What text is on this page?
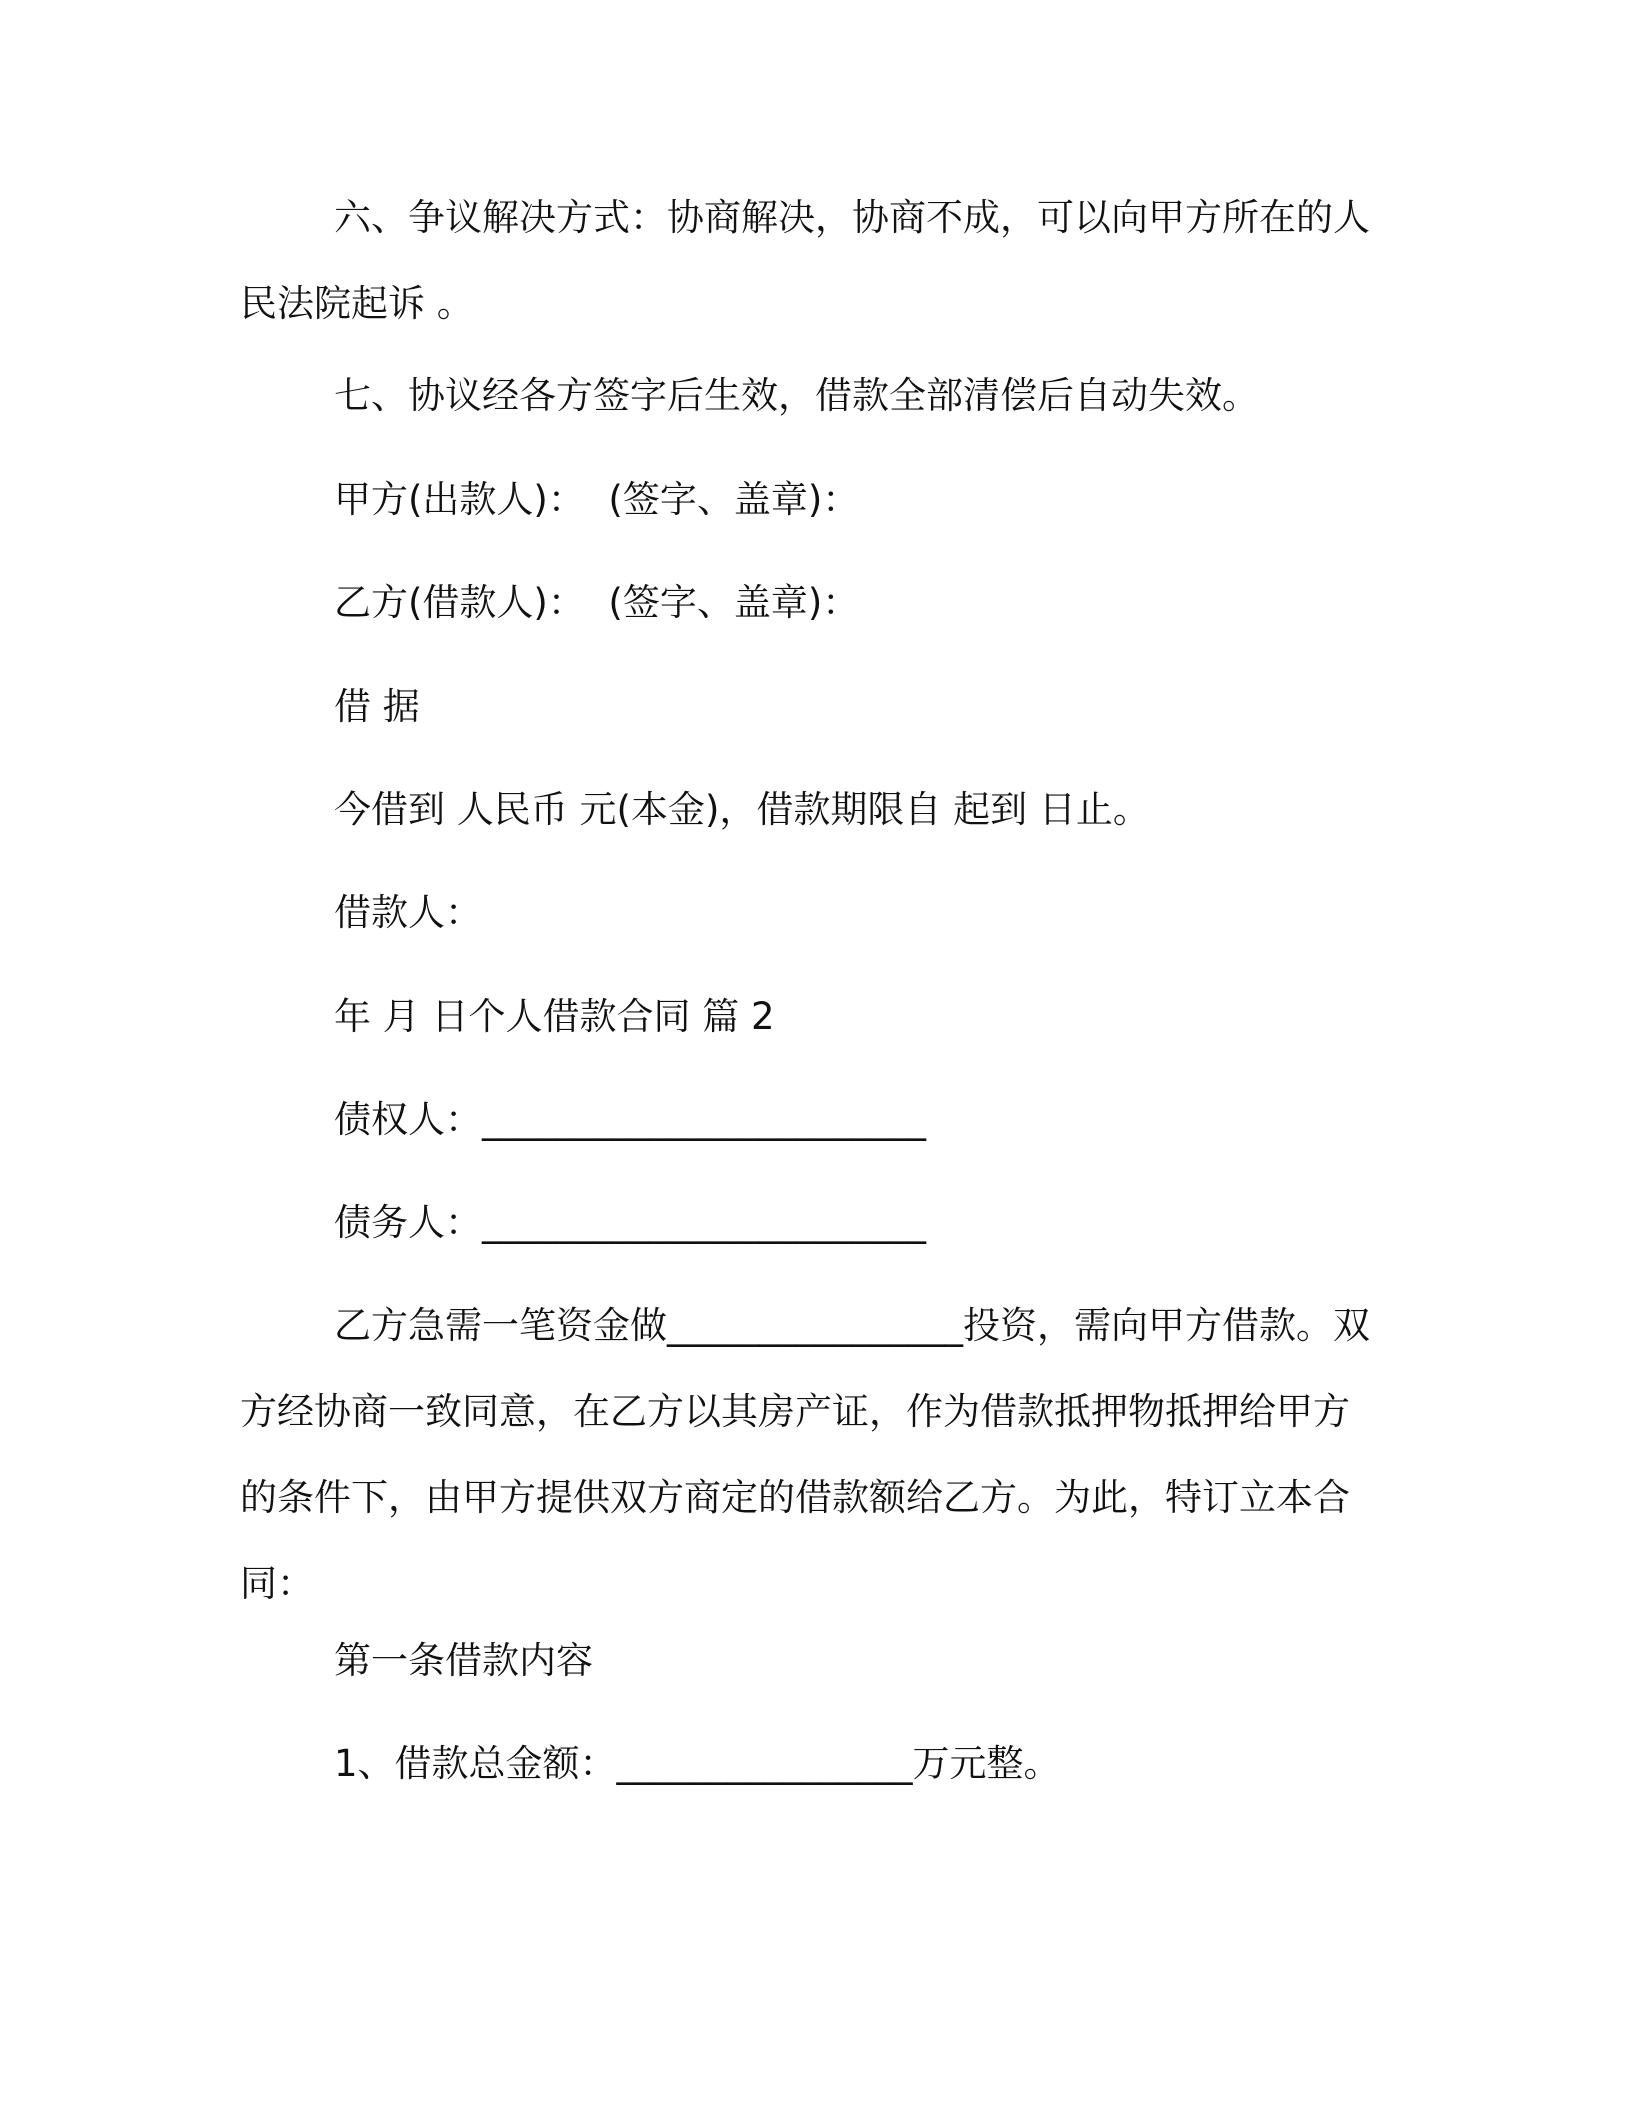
六、争议解决方式：协商解决，协商不成，可以向甲方所在的人民法院起诉 。

七、协议经各方签字后生效，借款全部清偿后自动失效。

甲方(出款人)：  (签字、盖章)：

乙方(借款人)：  (签字、盖章)：

借 据

今借到 人民币 元(本金)，借款期限自 起到 日止。

借款人：

年 月 日个人借款合同 篇 2

债权人：________________________

债务人：________________________

乙方急需一笔资金做________________投资，需向甲方借款。双方经协商一致同意，在乙方以其房产证，作为借款抵押物抵押给甲方的条件下，由甲方提供双方商定的借款额给乙方。为此，特订立本合同：

第一条借款内容

1、借款总金额：________________万元整。
